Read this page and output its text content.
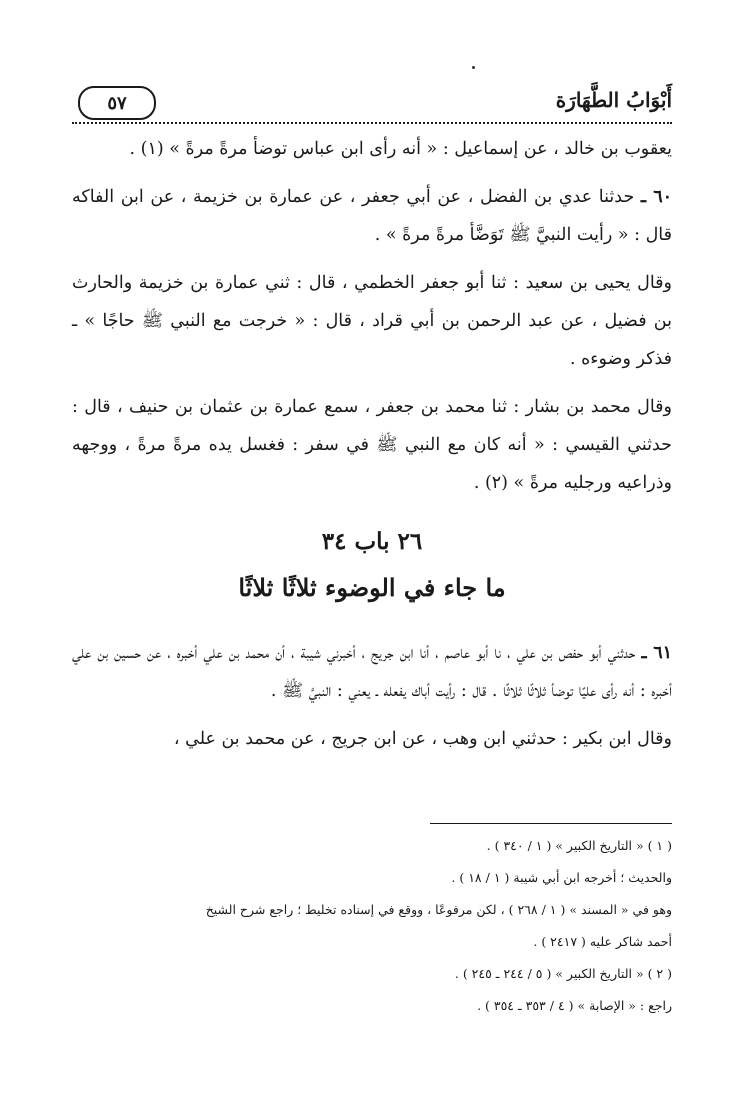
٥٧	أَبْوَابُ الطَّهَارَة

يعقوب بن خالد ، عن إسماعيل : « أنه رأى ابن عباس توضأ مرةً مرةً » (١) .

٦٠ ـ حدثنا عدي بن الفضل ، عن أبي جعفر ، عن عمارة بن خزيمة ، عن ابن الفاكه قال : « رأيت النبيَّ ﷺ تَوَضَّأ مرةً مرةً » .

وقال يحيى بن سعيد : ثنا أبو جعفر الخطمي ، قال : ثني عمارة بن خزيمة والحارث بن فضيل ، عن عبد الرحمن بن أبي قراد ، قال : « خرجت مع النبي ﷺ حاجًا » ـ فذكر وضوءه .

وقال محمد بن بشار : ثنا محمد بن جعفر ، سمع عمارة بن عثمان بن حنيف ، قال : حدثني القيسي : « أنه كان مع النبي ﷺ في سفر : فغسل يده مرةً مرةً ، ووجهه وذراعيه ورجليه مرةً » (٢) .

٢٦ باب ٣٤
ما جاء في الوضوء ثلاثًا ثلاثًا

٦١ ـ حدثني أبو حفص بن علي ، نا أبو عاصم ، أنا ابن جريج ، أخبرني شيبة ، أن محمد بن علي أخبره ، عن حسين بن علي أخبره : أنه رأى عليًا توضأ ثلاثًا ثلاثًا . قال : رأيت أباك يفعله ـ يعني : النبيَّ ﷺ .

وقال ابن بكير : حدثني ابن وهب ، عن ابن جريج ، عن محمد بن علي ،

( ١ ) « التاريخ الكبير » ( ١ / ٣٤٠ ) .
والحديث ؛ أخرجه ابن أبي شيبة ( ١ / ١٨ ) .
وهو في « المسند » ( ١ / ٢٦٨ ) ، لكن مرفوعًا ، ووقع في إسناده تخليط ؛ راجع شرح الشيخ
أحمد شاكر عليه ( ٢٤١٧ ) .
( ٢ ) « التاريخ الكبير » ( ٥ / ٢٤٤ ـ ٢٤٥ ) .
راجع : « الإصابة » ( ٤ / ٣٥٣ ـ ٣٥٤ ) .
